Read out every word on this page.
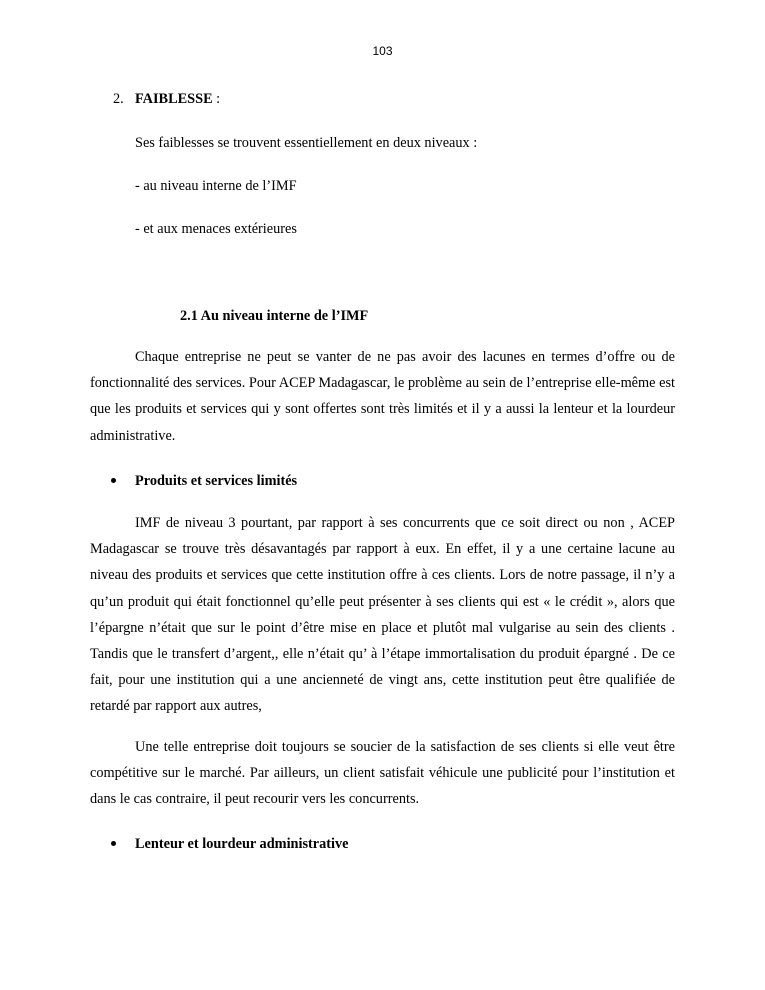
103
2. FAIBLESSE :
Ses faiblesses se trouvent essentiellement en deux niveaux :
- au niveau interne de l’IMF
- et aux menaces extérieures
2.1 Au niveau interne de l’IMF

Chaque entreprise ne peut se vanter de ne pas avoir des lacunes en termes d’offre ou de fonctionnalité des services. Pour ACEP Madagascar, le problème au sein de l’entreprise elle-même est que les produits et services qui y sont offertes sont très limités et il y a aussi la lenteur et la lourdeur administrative.

Produits et services limités

IMF de niveau 3 pourtant, par rapport à ses concurrents que ce soit direct ou non , ACEP Madagascar se trouve très désavantagés par rapport à eux. En effet, il y a une certaine lacune au niveau des produits et services que cette institution offre à ces clients. Lors de notre passage, il n’y a qu’un produit qui était fonctionnel qu’elle peut présenter à ses clients qui est « le crédit », alors que l’épargne n’était que sur le point d’être mise en place et plutôt mal vulgarise au sein des clients . Tandis que le transfert d’argent,, elle n’était qu’ à l’étape immortalisation du produit épargné . De ce fait, pour une institution qui a une ancienneté de vingt ans, cette institution peut être qualifiée de retardé par rapport aux autres,

Une telle entreprise doit toujours se soucier de la satisfaction de ses clients si elle veut être compétitive sur le marché. Par ailleurs, un client satisfait véhicule une publicité pour l’institution et dans le cas contraire, il peut recourir vers les concurrents.

Lenteur et lourdeur administrative
